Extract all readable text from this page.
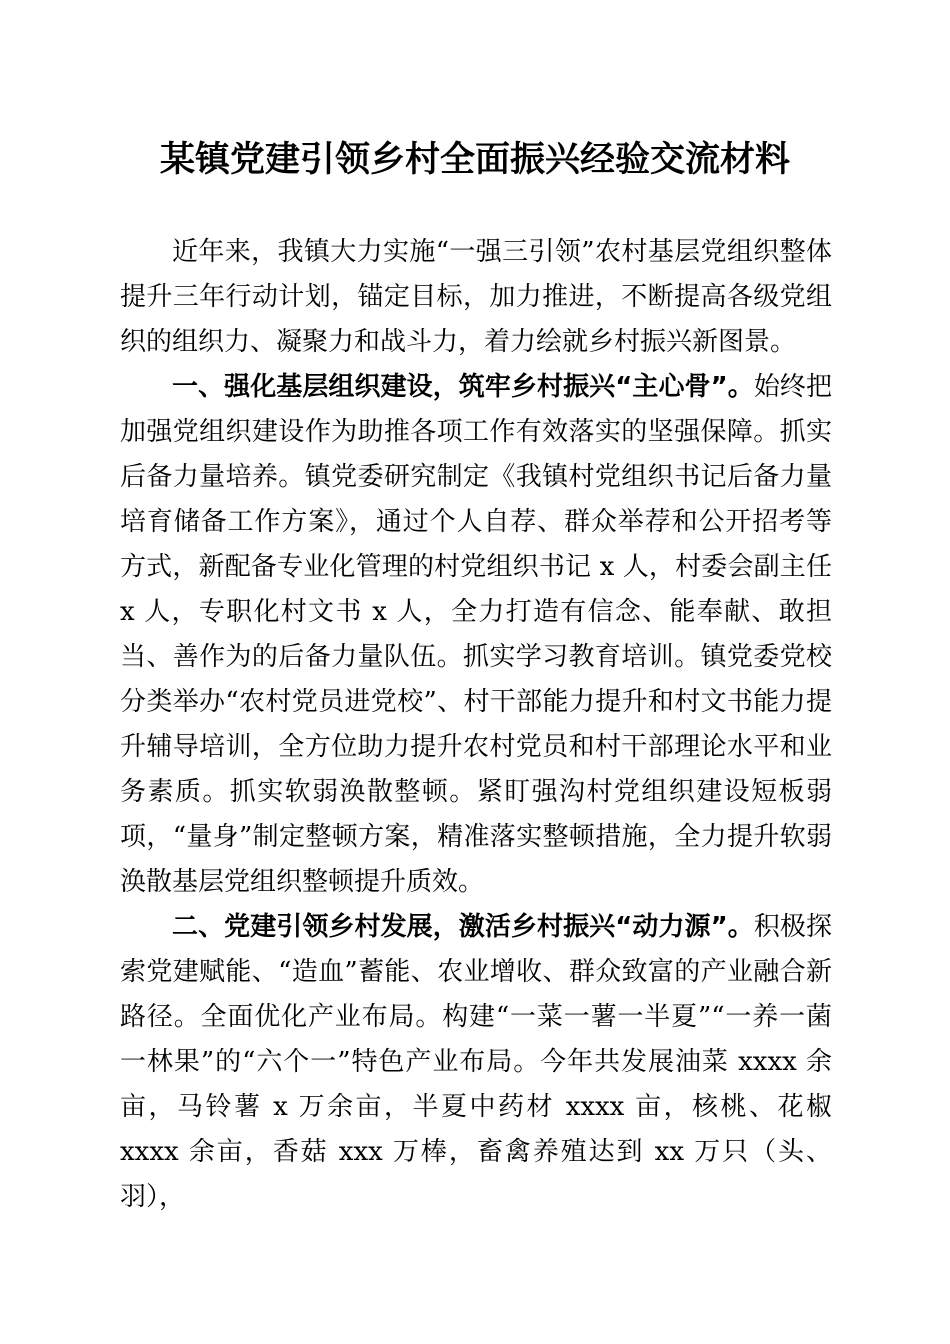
某镇党建引领乡村全面振兴经验交流材料

近年来，我镇大力实施“一强三引领”农村基层党组织整体提升三年行动计划，锚定目标，加力推进，不断提高各级党组织的组织力、凝聚力和战斗力，着力绘就乡村振兴新图景。

一、强化基层组织建设，筑牢乡村振兴“主心骨”。始终把加强党组织建设作为助推各项工作有效落实的坚强保障。抓实后备力量培养。镇党委研究制定《我镇村党组织书记后备力量培育储备工作方案》，通过个人自荐、群众举荐和公开招考等方式，新配备专业化管理的村党组织书记 x 人，村委会副主任 x 人，专职化村文书 x 人，全力打造有信念、能奉献、敢担当、善作为的后备力量队伍。抓实学习教育培训。镇党委党校分类举办“农村党员进党校”、村干部能力提升和村文书能力提升辅导培训，全方位助力提升农村党员和村干部理论水平和业务素质。抓实软弱涣散整顿。紧盯强沟村党组织建设短板弱项，“量身”制定整顿方案，精准落实整顿措施，全力提升软弱涣散基层党组织整顿提升质效。

二、党建引领乡村发展，激活乡村振兴“动力源”。积极探索党建赋能、“造血”蓄能、农业增收、群众致富的产业融合新路径。全面优化产业布局。构建“一菜一薯一半夏”“一养一菌一林果”的“六个一”特色产业布局。今年共发展油菜 xxxx 余亩，马铃薯 x 万余亩，半夏中药材 xxxx 亩，核桃、花椒 xxxx 余亩，香菇 xxx 万棒，畜禽养殖达到 xx 万只（头、羽），
